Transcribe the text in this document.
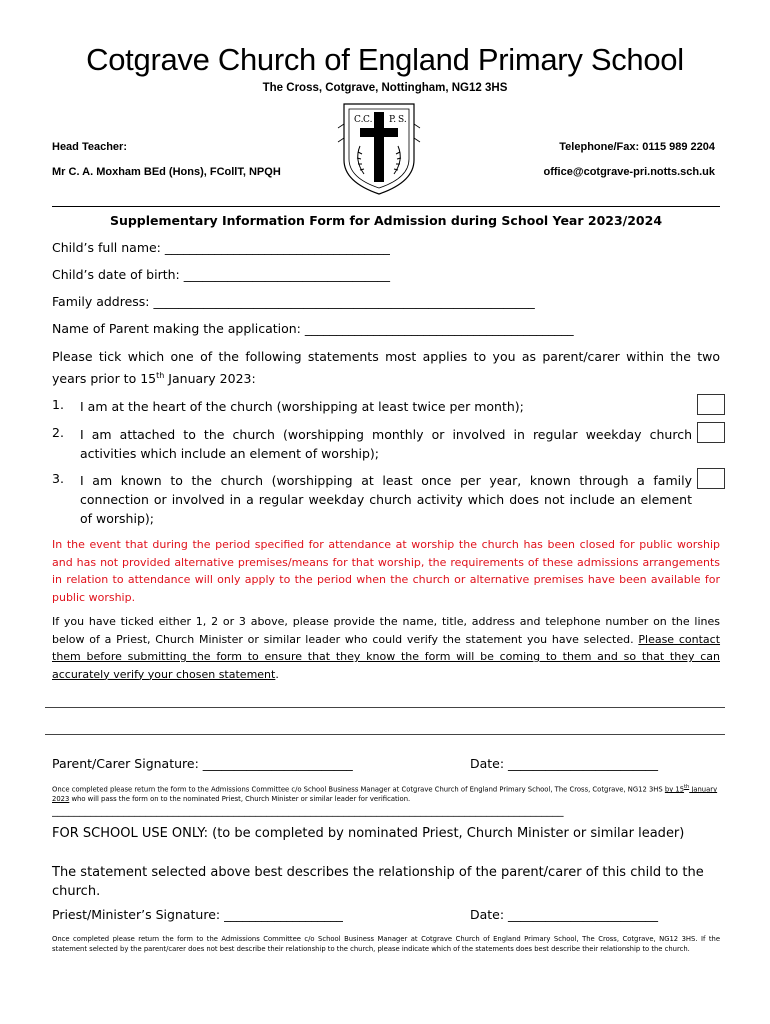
Cotgrave Church of England Primary School
The Cross, Cotgrave, Nottingham, NG12 3HS
Head Teacher:
Mr C. A. Moxham BEd (Hons), FCollT, NPQH
Telephone/Fax: 0115 989 2204
office@cotgrave-pri.notts.sch.uk
C. C. P. S.
Supplementary Information Form for Admission during School Year 2023/2024
Child’s full name: ____________________________________
Child’s date of birth: _________________________________
Family address: _____________________________________________________________
Name of Parent making the application: ___________________________________________
Please tick which one of the following statements most applies to you as parent/carer within the two years prior to 15th January 2023:
1. I am at the heart of the church (worshipping at least twice per month);
2. I am attached to the church (worshipping monthly or involved in regular weekday church activities which include an element of worship);
3. I am known to the church (worshipping at least once per year, known through a family connection or involved in a regular weekday church activity which does not include an element of worship);
In the event that during the period specified for attendance at worship the church has been closed for public worship and has not provided alternative premises/means for that worship, the requirements of these admissions arrangements in relation to attendance will only apply to the period when the church or alternative premises have been available for public worship.
If you have ticked either 1, 2 or 3 above, please provide the name, title, address and telephone number on the lines below of a Priest, Church Minister or similar leader who could verify the statement you have selected. Please contact them before submitting the form to ensure that they know the form will be coming to them and so that they can accurately verify your chosen statement.
Parent/Carer Signature: ________________________	Date: ________________________
Once completed please return the form to the Admissions Committee c/o School Business Manager at Cotgrave Church of England Primary School, The Cross, Cotgrave, NG12 3HS by 15th January 2023 who will pass the form on to the nominated Priest, Church Minister or similar leader for verification.
_____________________________________________________________________________________________
FOR SCHOOL USE ONLY: (to be completed by nominated Priest, Church Minister or similar leader)
The statement selected above best describes the relationship of the parent/carer of this child to the church.
Priest/Minister’s Signature: ___________________	Date: ________________________
Once completed please return the form to the Admissions Committee c/o School Business Manager at Cotgrave Church of England Primary School, The Cross, Cotgrave, NG12 3HS. If the statement selected by the parent/carer does not best describe their relationship to the church, please indicate which of the statements does best describe their relationship to the church.
